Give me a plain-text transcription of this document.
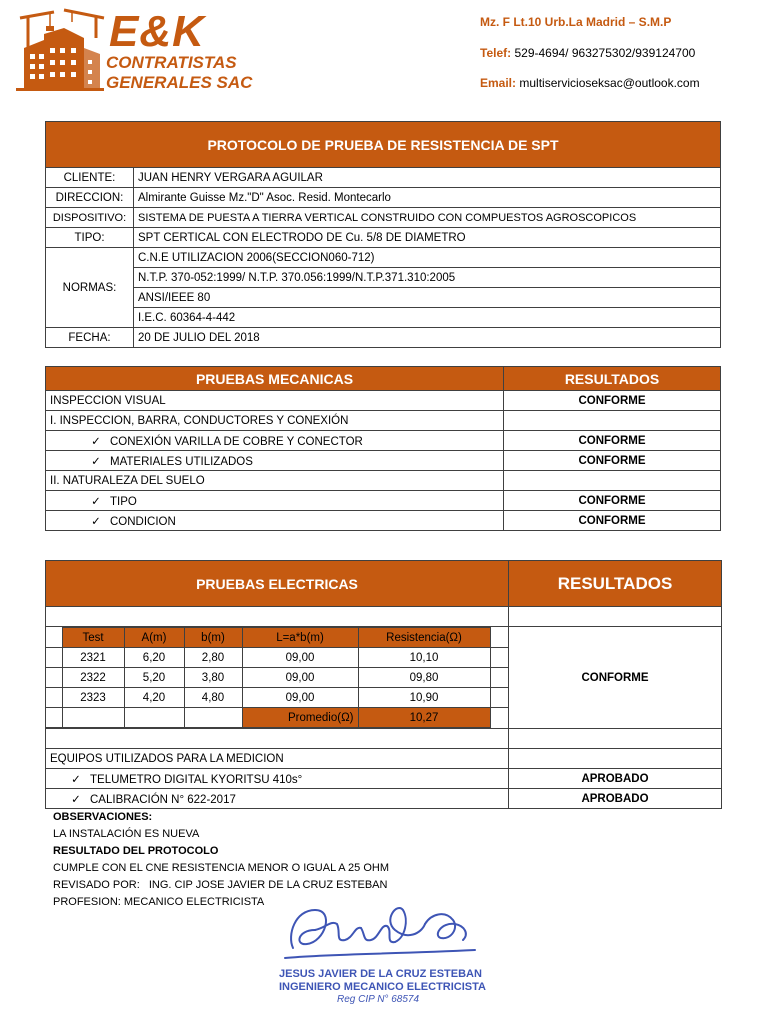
E&K
CONTRATISTAS
GENERALES SAC
Mz. F Lt.10 Urb.La Madrid – S.M.P
Telef: 529-4694/ 963275302/939124700
Email: multiservicioseksac@outlook.com
PROTOCOLO DE PRUEBA DE RESISTENCIA DE SPT	
CLIENTE:	JUAN HENRY VERGARA AGUILAR
DIRECCION:	Almirante Guisse Mz."D" Asoc. Resid. Montecarlo
DISPOSITIVO:	SISTEMA DE PUESTA A TIERRA VERTICAL CONSTRUIDO CON COMPUESTOS AGROSCOPICOS
TIPO:	SPT CERTICAL CON ELECTRODO DE Cu. 5/8 DE DIAMETRO
NORMAS:	C.N.E UTILIZACION 2006(SECCION060-712)
	N.T.P. 370-052:1999/ N.T.P. 370.056:1999/N.T.P.371.310:2005
	ANSI/IEEE 80
	I.E.C. 60364-4-442
FECHA:	20 DE JULIO DEL 2018
PRUEBAS MECANICAS	RESULTADOS
INSPECCION VISUAL	CONFORME
I. INSPECCION, BARRA, CONDUCTORES Y CONEXIÓN	
✓ CONEXIÓN VARILLA DE COBRE Y CONECTOR	CONFORME
✓ MATERIALES UTILIZADOS	CONFORME
II. NATURALEZA DEL SUELO	
✓ TIPO	CONFORME
✓ CONDICION	CONFORME
PRUEBAS ELECTRICAS	RESULTADOS

	Test	A(m)	b(m)	L=a*b(m)	Resistencia(Ω)	
	2321	6,20	2,80	09,00	10,10	
	2322	5,20	3,80	09,00	09,80	
	2323	4,20	4,80	09,00	10,90	
				Promedio(Ω)	10,27	
	CONFORME

EQUIPOS UTILIZADOS PARA LA MEDICION	
✓ TELUMETRO DIGITAL KYORITSU 410s°	APROBADO
✓ CALIBRACIÓN N° 622-2017	APROBADO
OBSERVACIONES:
LA INSTALACIÓN ES NUEVA
RESULTADO DEL PROTOCOLO
CUMPLE CON EL CNE RESISTENCIA MENOR O IGUAL A 25 OHM
REVISADO POR: ING. CIP JOSE JAVIER DE LA CRUZ ESTEBAN
PROFESION: MECANICO ELECTRICISTA
JESUS JAVIER DE LA CRUZ ESTEBAN
INGENIERO MECANICO ELECTRICISTA
Reg CIP N° 68574
